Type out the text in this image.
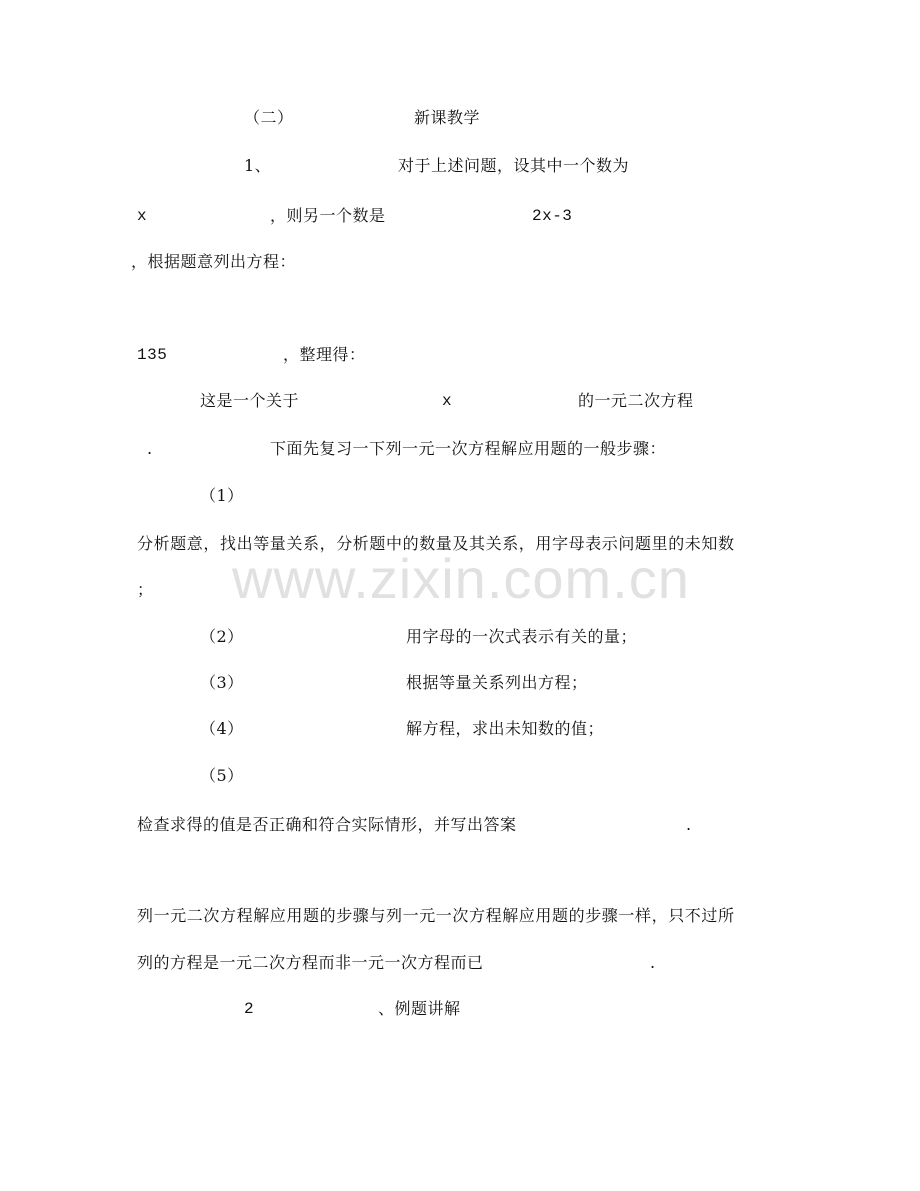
www.zixin.com.cn
（二）	新课教学
1、	对于上述问题，设其中一个数为
x	，则另一个数是	2x-3
，根据题意列出方程：
135	，整理得：
这是一个关于	x	的一元二次方程
.	下面先复习一下列一元一次方程解应用题的一般步骤：
（1）
分析题意，找出等量关系，分析题中的数量及其关系，用字母表示问题里的未知数
；
（2）	用字母的一次式表示有关的量；
（3）	根据等量关系列出方程；
（4）	解方程，求出未知数的值；
（5）
检查求得的值是否正确和符合实际情形，并写出答案	.
列一元二次方程解应用题的步骤与列一元一次方程解应用题的步骤一样，只不过所
列的方程是一元二次方程而非一元一次方程而已	.
2	、例题讲解
